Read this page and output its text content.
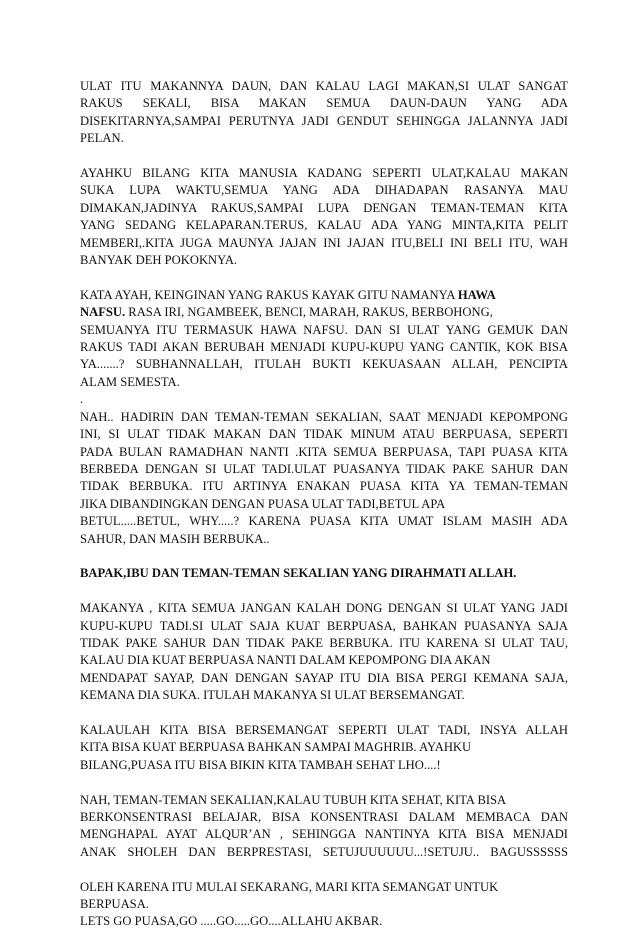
ULAT ITU MAKANNYA DAUN, DAN KALAU LAGI MAKAN,SI ULAT SANGAT
RAKUS SEKALI, BISA MAKAN SEMUA DAUN-DAUN YANG ADA
DISEKITARNYA,SAMPAI PERUTNYA JADI GENDUT SEHINGGA JALANNYA JADI
PELAN.
AYAHKU BILANG KITA MANUSIA KADANG SEPERTI ULAT,KALAU MAKAN
SUKA LUPA WAKTU,SEMUA YANG ADA DIHADAPAN RASANYA MAU
DIMAKAN,JADINYA RAKUS,SAMPAI LUPA DENGAN TEMAN-TEMAN KITA
YANG SEDANG KELAPARAN.TERUS, KALAU ADA YANG MINTA,KITA PELIT
MEMBERI,.KITA JUGA MAUNYA JAJAN INI JAJAN ITU,BELI INI BELI ITU, WAH
BANYAK DEH POKOKNYA.
KATA AYAH, KEINGINAN YANG RAKUS KAYAK GITU NAMANYA HAWA
NAFSU. RASA IRI, NGAMBEEK, BENCI, MARAH, RAKUS, BERBOHONG,
SEMUANYA ITU TERMASUK HAWA NAFSU. DAN SI ULAT YANG GEMUK DAN
RAKUS TADI AKAN BERUBAH MENJADI KUPU-KUPU YANG CANTIK, KOK BISA
YA.......? SUBHANNALLAH, ITULAH BUKTI KEKUASAAN ALLAH, PENCIPTA
ALAM SEMESTA.
.
NAH.. HADIRIN DAN TEMAN-TEMAN SEKALIAN, SAAT MENJADI KEPOMPONG
INI, SI ULAT TIDAK MAKAN DAN TIDAK MINUM ATAU BERPUASA, SEPERTI
PADA BULAN RAMADHAN NANTI .KITA SEMUA BERPUASA, TAPI PUASA KITA
BERBEDA DENGAN SI ULAT TADI.ULAT PUASANYA TIDAK PAKE SAHUR DAN
TIDAK BERBUKA. ITU ARTINYA ENAKAN PUASA KITA YA TEMAN-TEMAN
JIKA DIBANDINGKAN DENGAN PUASA ULAT TADI,BETUL APA
BETUL.....BETUL, WHY.....? KARENA PUASA KITA UMAT ISLAM MASIH ADA
SAHUR, DAN MASIH BERBUKA..
BAPAK,IBU DAN TEMAN-TEMAN SEKALIAN YANG DIRAHMATI ALLAH.
MAKANYA , KITA SEMUA JANGAN KALAH DONG DENGAN SI ULAT YANG JADI
KUPU-KUPU TADI.SI ULAT SAJA KUAT BERPUASA, BAHKAN PUASANYA SAJA
TIDAK PAKE SAHUR DAN TIDAK PAKE BERBUKA. ITU KARENA SI ULAT TAU,
KALAU DIA KUAT BERPUASA NANTI DALAM KEPOMPONG DIA AKAN
MENDAPAT SAYAP, DAN DENGAN SAYAP ITU DIA BISA PERGI KEMANA SAJA,
KEMANA DIA SUKA. ITULAH MAKANYA SI ULAT BERSEMANGAT.
KALAULAH KITA BISA BERSEMANGAT SEPERTI ULAT TADI, INSYA ALLAH
KITA BISA KUAT BERPUASA BAHKAN SAMPAI MAGHRIB. AYAHKU
BILANG,PUASA ITU BISA BIKIN KITA TAMBAH SEHAT LHO....!
NAH, TEMAN-TEMAN SEKALIAN,KALAU TUBUH KITA SEHAT, KITA BISA
BERKONSENTRASI BELAJAR, BISA KONSENTRASI DALAM MEMBACA DAN
MENGHAPAL AYAT ALQUR’AN , SEHINGGA NANTINYA KITA BISA MENJADI
ANAK SHOLEH DAN BERPRESTASI, SETUJUUUUUU...!SETUJU.. BAGUSSSSSS
OLEH KARENA ITU MULAI SEKARANG, MARI KITA SEMANGAT UNTUK
BERPUASA.
LETS GO PUASA,GO .....GO.....GO....ALLAHU AKBAR.
